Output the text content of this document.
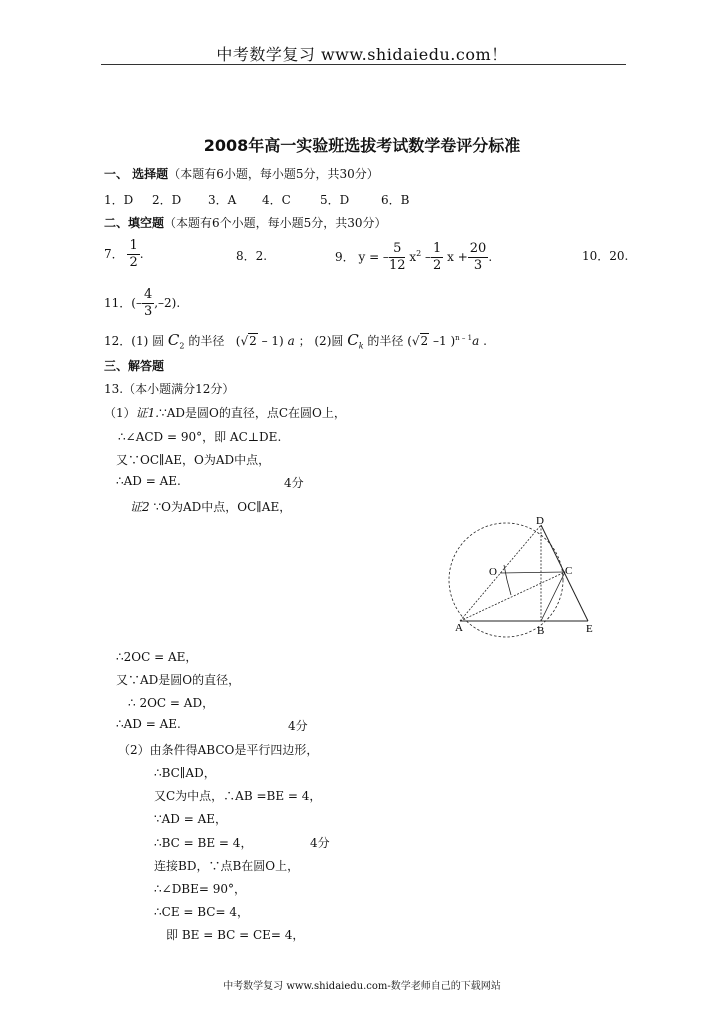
中考数学复习 www.shidaiedu.com！
2008年高一实验班选拔考试数学卷评分标准
一、 选择题（本题有6小题，每小题5分，共30分）
1．D 2．D 3．A 4．C 5．D	6．B
二、填空题（本题有6个小题，每小题5分，共30分）
7． $\frac{1}{2}$ .	8．2.	9． y = – $\frac{5}{12} x^2 - \frac{1}{2}$ $x + \frac{20}{3}$ .	10．20.
11．(– $\frac{4}{3} ,-2$).
12．(1) 圆 $C_2$ 的半径 (√2 – 1) a ； (2)圆 $C_k$ 的半径 (√2 –1 )$^{n - 1}$a .
三、解答题
13.（本小题满分12分）
（1）证1.∵AD是圆O的直径，点C在圆O上，
∴∠ACD = 90°，即 AC⊥DE.
又∵OC∥AE，O为AD中点，
∴AD = AE.	4分
证2 ∵O为AD中点，OC∥AE，
D
C
O
A	B	E
∴2OC = AE，
又∵AD是圆O的直径，
∴ 2OC = AD，
∴AD = AE.	4分
（2）由条件得ABCO是平行四边形，
∴BC∥AD，
又C为中点，∴AB =BE = 4，
∵AD = AE，
∴BC = BE = 4，	4分
连接BD，∵点B在圆O上，
∴∠DBE= 90°，
∴CE = BC= 4，
即 BE = BC = CE= 4，
中考数学复习 www.shidaiedu.com-数学老师自己的下载网站
